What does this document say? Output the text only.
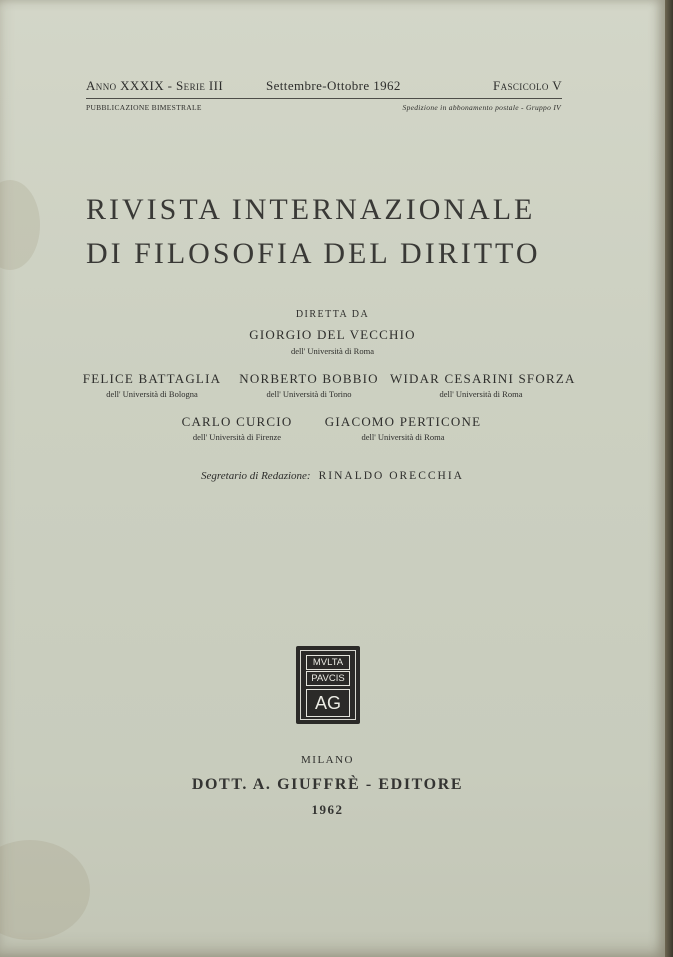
Anno XXXIX - Serie III	Settembre-Ottobre 1962	Fascicolo V
PUBBLICAZIONE BIMESTRALE	Spedizione in abbonamento postale - Gruppo IV
RIVISTA INTERNAZIONALE
DI FILOSOFIA DEL DIRITTO
DIRETTA DA
GIORGIO DEL VECCHIO
dell' Università di Roma
FELICE BATTAGLIA
dell' Università di Bologna
NORBERTO BOBBIO
dell' Università di Torino
WIDAR CESARINI SFORZA
dell' Università di Roma
CARLO CURCIO
dell' Università di Firenze
GIACOMO PERTICONE
dell' Università di Roma
Segretario di Redazione: RINALDO ORECCHIA
MVLTA
PAVCIS
AG
MILANO
DOTT. A. GIUFFRÈ - EDITORE
1962
